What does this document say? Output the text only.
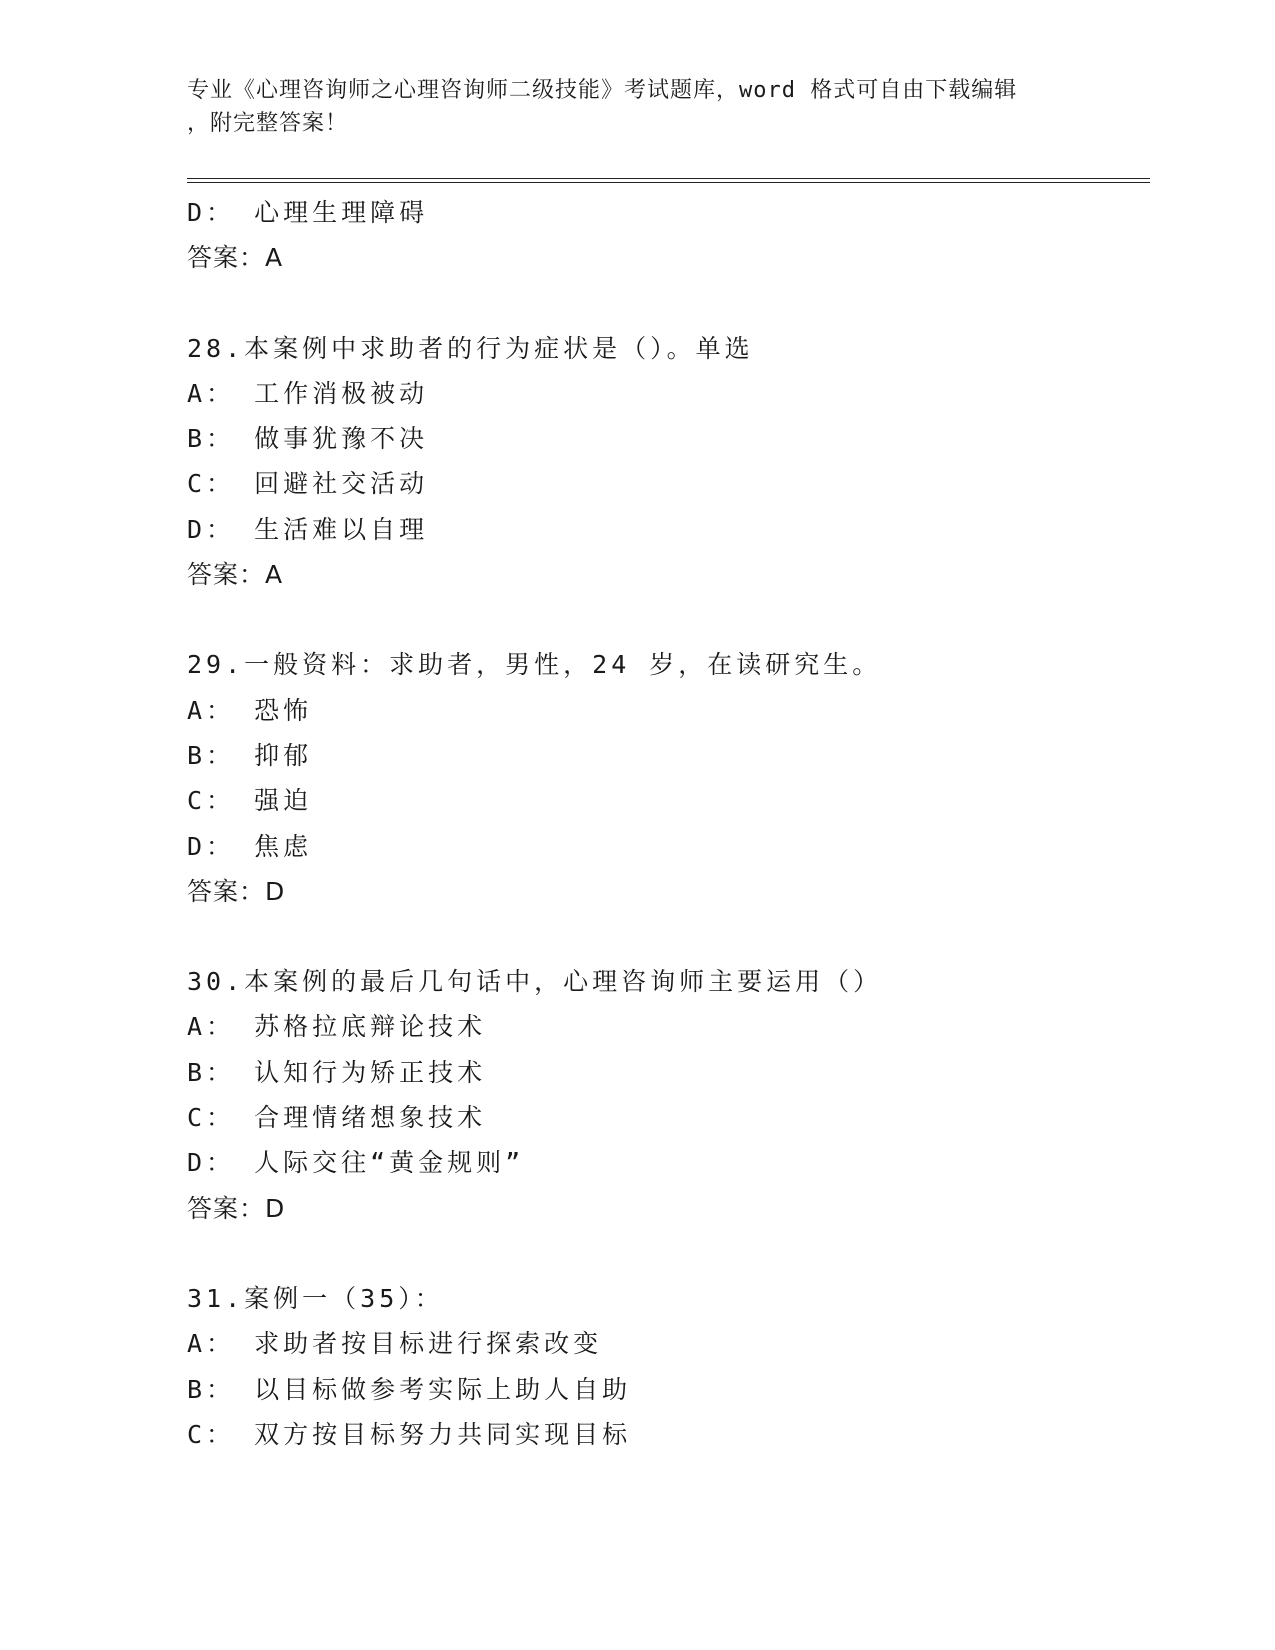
专业《心理咨询师之心理咨询师二级技能》考试题库，word 格式可自由下载编辑
，附完整答案！
D： 心理生理障碍
答案：A
28.本案例中求助者的行为症状是（）。单选
A： 工作消极被动
B： 做事犹豫不决
C： 回避社交活动
D： 生活难以自理
答案：A
29.一般资料：求助者，男性，24 岁，在读研究生。
A： 恐怖
B： 抑郁
C： 强迫
D： 焦虑
答案：D
30.本案例的最后几句话中，心理咨询师主要运用（）
A： 苏格拉底辩论技术
B： 认知行为矫正技术
C： 合理情绪想象技术
D： 人际交往“黄金规则”
答案：D
31.案例一（35）：
A： 求助者按目标进行探索改变
B： 以目标做参考实际上助人自助
C： 双方按目标努力共同实现目标
